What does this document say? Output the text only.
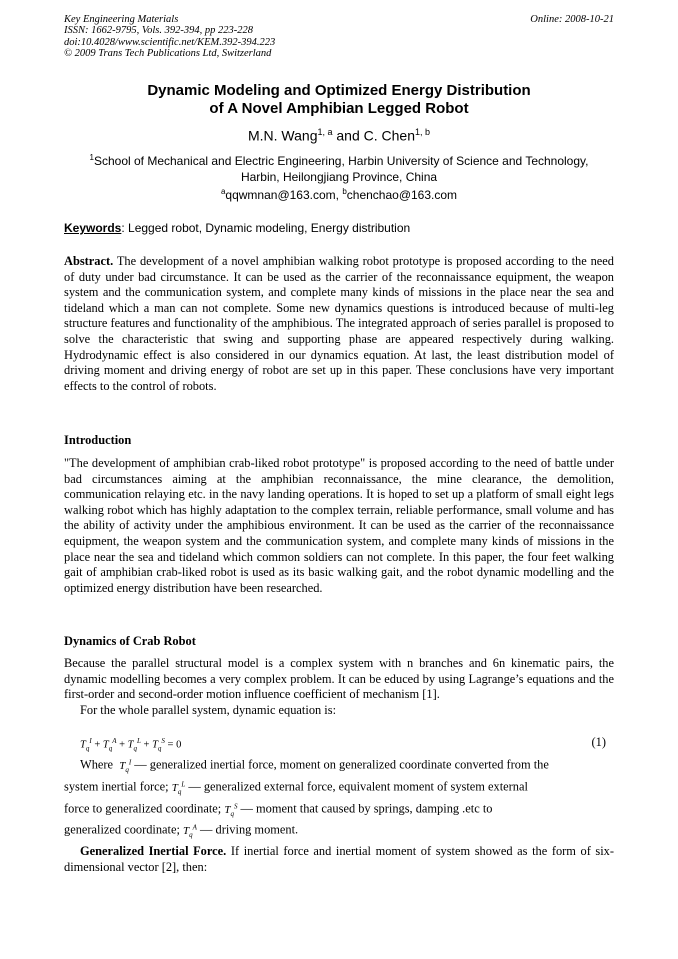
Key Engineering Materials
ISSN: 1662-9795, Vols. 392-394, pp 223-228
doi:10.4028/www.scientific.net/KEM.392-394.223
© 2009 Trans Tech Publications Ltd, Switzerland
Online: 2008-10-21
Dynamic Modeling and Optimized Energy Distribution
of A Novel Amphibian Legged Robot
M.N. Wang$^{1, a}$ and C. Chen$^{1, b}$
$^1$School of Mechanical and Electric Engineering, Harbin University of Science and Technology,
Harbin, Heilongjiang Province, China
$^a$qqwmnan@163.com, $^b$chenchao@163.com
Keywords: Legged robot, Dynamic modeling, Energy distribution
Abstract. The development of a novel amphibian walking robot prototype is proposed according to the need of duty under bad circumstance. It can be used as the carrier of the reconnaissance equipment, the weapon system and the communication system, and complete many kinds of missions in the place near the sea and tideland which a man can not complete. Some new dynamics questions is introduced because of multi-leg structure features and functionality of the amphibious. The integrated approach of series parallel is proposed to solve the characteristic that swing and supporting phase are appeared respectively during walking. Hydrodynamic effect is also considered in our dynamics equation. At last, the least distribution model of driving moment and driving energy of robot are set up in this paper. These conclusions have very important effects to the control of robots.
Introduction
"The development of amphibian crab-liked robot prototype" is proposed according to the need of battle under bad circumstances aiming at the amphibian reconnaissance, the mine clearance, the demolition, communication relaying etc. in the navy landing operations. It is hoped to set up a platform of small eight legs walking robot which has highly adaptation to the complex terrain, reliable performance, small volume and has the ability of activity under the amphibious environment. It can be used as the carrier of the reconnaissance equipment, the weapon system and the communication system, and complete many kinds of missions in the place near the sea and tideland which common soldiers can not complete. In this paper, the four feet walking gait of amphibian crab-liked robot is used as its basic walking gait, and the robot dynamic modelling and the optimized energy distribution have been researched.
Dynamics of Crab Robot
Because the parallel structural model is a complex system with n branches and 6n kinematic pairs, the dynamic modelling becomes a very complex problem. It can be educed by using Lagrange’s equations and the first-order and second-order motion influence coefficient of mechanism [1].
For the whole parallel system, dynamic equation is:
$T_q^I + T_q^A + T_q^L + T_q^S = 0$	(1)
Where $T_q^I$ — generalized inertial force, moment on generalized coordinate converted from the
system inertial force; $T_q^L$ — generalized external force, equivalent moment of system external
force to generalized coordinate; $T_q^S$ — moment that caused by springs, damping .etc to
generalized coordinate; $T_q^A$ — driving moment.
Generalized Inertial Force. If inertial force and inertial moment of system showed as the form of six-dimensional vector [2], then:
